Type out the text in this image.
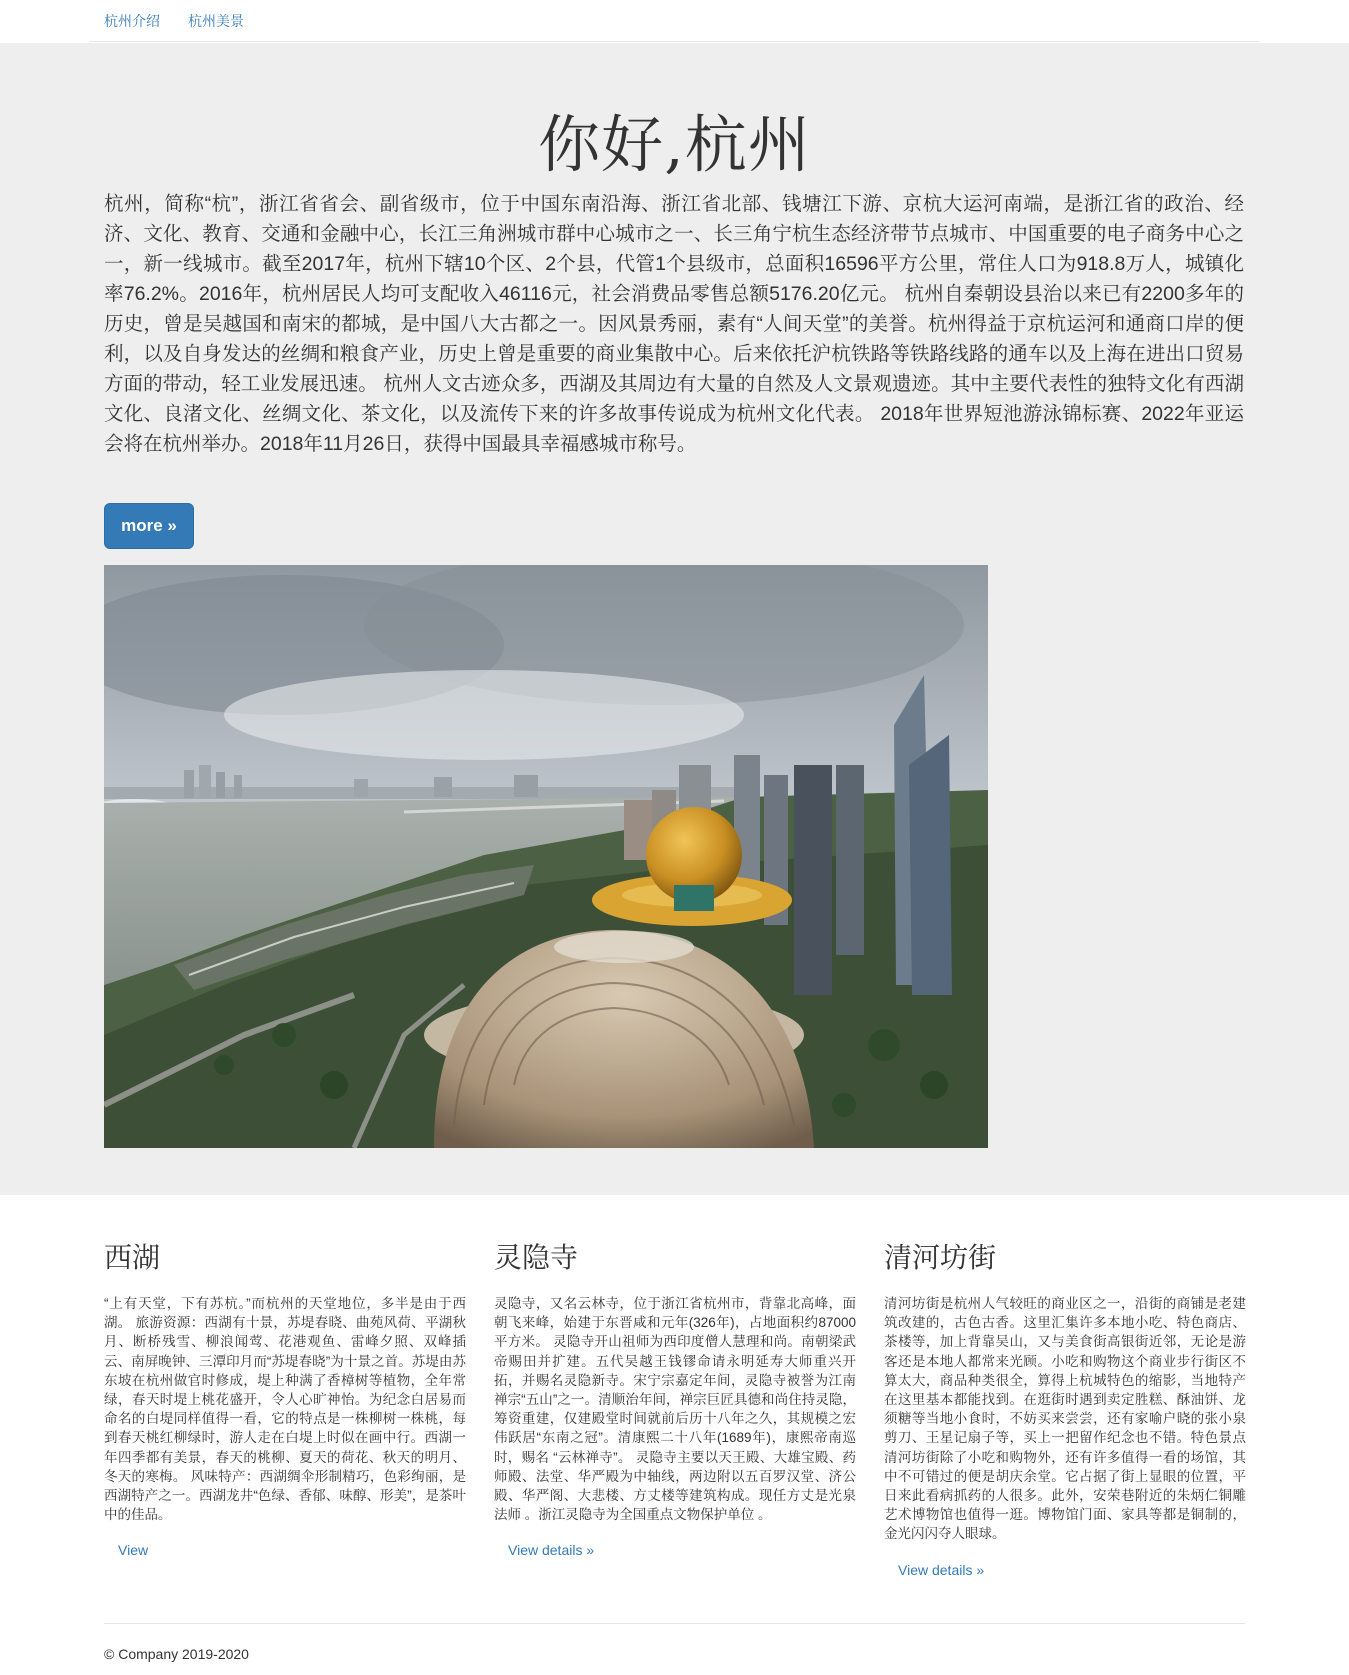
杭州介绍 杭州美景
你好,杭州

杭州，简称“杭”，浙江省省会、副省级市，位于中国东南沿海、浙江省北部、钱塘江下游、京杭大运河南端，是浙江省的政治、经济、文化、教育、交通和金融中心，长江三角洲城市群中心城市之一、长三角宁杭生态经济带节点城市、中国重要的电子商务中心之一，新一线城市。截至2017年，杭州下辖10个区、2个县，代管1个县级市，总面积16596平方公里，常住人口为918.8万人，城镇化率76.2%。2016年，杭州居民人均可支配收入46116元，社会消费品零售总额5176.20亿元。 杭州自秦朝设县治以来已有2200多年的历史，曾是吴越国和南宋的都城，是中国八大古都之一。因风景秀丽，素有“人间天堂”的美誉。杭州得益于京杭运河和通商口岸的便利，以及自身发达的丝绸和粮食产业，历史上曾是重要的商业集散中心。后来依托沪杭铁路等铁路线路的通车以及上海在进出口贸易方面的带动，轻工业发展迅速。 杭州人文古迹众多，西湖及其周边有大量的自然及人文景观遗迹。其中主要代表性的独特文化有西湖文化、良渚文化、丝绸文化、茶文化，以及流传下来的许多故事传说成为杭州文化代表。 2018年世界短池游泳锦标赛、2022年亚运会将在杭州举办。2018年11月26日，获得中国最具幸福感城市称号。

more »
西湖

“上有天堂，下有苏杭。”而杭州的天堂地位，多半是由于西湖。 旅游资源：西湖有十景，苏堤春晓、曲苑风荷、平湖秋月、断桥残雪、柳浪闻莺、花港观鱼、雷峰夕照、双峰插云、南屏晚钟、三潭印月而“苏堤春晓”为十景之首。苏堤由苏东坡在杭州做官时修成，堤上种满了香樟树等植物，全年常绿，春天时堤上桃花盛开，令人心旷神怡。为纪念白居易而命名的白堤同样值得一看，它的特点是一株柳树一株桃，每到春天桃红柳绿时，游人走在白堤上时似在画中行。西湖一年四季都有美景，春天的桃柳、夏天的荷花、秋天的明月、冬天的寒梅。 风味特产：西湖绸伞形制精巧，色彩绚丽，是西湖特产之一。西湖龙井“色绿、香郁、味醇、形美”，是茶叶中的佳品。

View
灵隐寺

灵隐寺，又名云林寺，位于浙江省杭州市，背靠北高峰，面朝飞来峰，始建于东晋咸和元年(326年)，占地面积约87000平方米。 灵隐寺开山祖师为西印度僧人慧理和尚。南朝梁武帝赐田并扩建。五代吴越王钱镠命请永明延寿大师重兴开拓，并赐名灵隐新寺。宋宁宗嘉定年间，灵隐寺被誉为江南禅宗“五山”之一。清顺治年间，禅宗巨匠具德和尚住持灵隐，筹资重建，仅建殿堂时间就前后历十八年之久，其规模之宏伟跃居“东南之冠”。清康熙二十八年(1689年)，康熙帝南巡时，赐名 “云林禅寺”。 灵隐寺主要以天王殿、大雄宝殿、药师殿、法堂、华严殿为中轴线，两边附以五百罗汉堂、济公殿、华严阁、大悲楼、方丈楼等建筑构成。现任方丈是光泉法师 。浙江灵隐寺为全国重点文物保护单位 。

View details »
清河坊街

清河坊街是杭州人气较旺的商业区之一，沿街的商铺是老建筑改建的，古色古香。这里汇集许多本地小吃、特色商店、茶楼等，加上背靠吴山，又与美食街高银街近邻，无论是游客还是本地人都常来光顾。小吃和购物这个商业步行街区不算太大，商品种类很全，算得上杭城特色的缩影，当地特产在这里基本都能找到。在逛街时遇到卖定胜糕、酥油饼、龙须糖等当地小食时，不妨买来尝尝，还有家喻户晓的张小泉剪刀、王星记扇子等，买上一把留作纪念也不错。特色景点清河坊街除了小吃和购物外，还有许多值得一看的场馆，其中不可错过的便是胡庆余堂。它占据了街上显眼的位置，平日来此看病抓药的人很多。此外，安荣巷附近的朱炳仁铜雕艺术博物馆也值得一逛。博物馆门面、家具等都是铜制的，金光闪闪夺人眼球。

View details »

© Company 2019-2020
